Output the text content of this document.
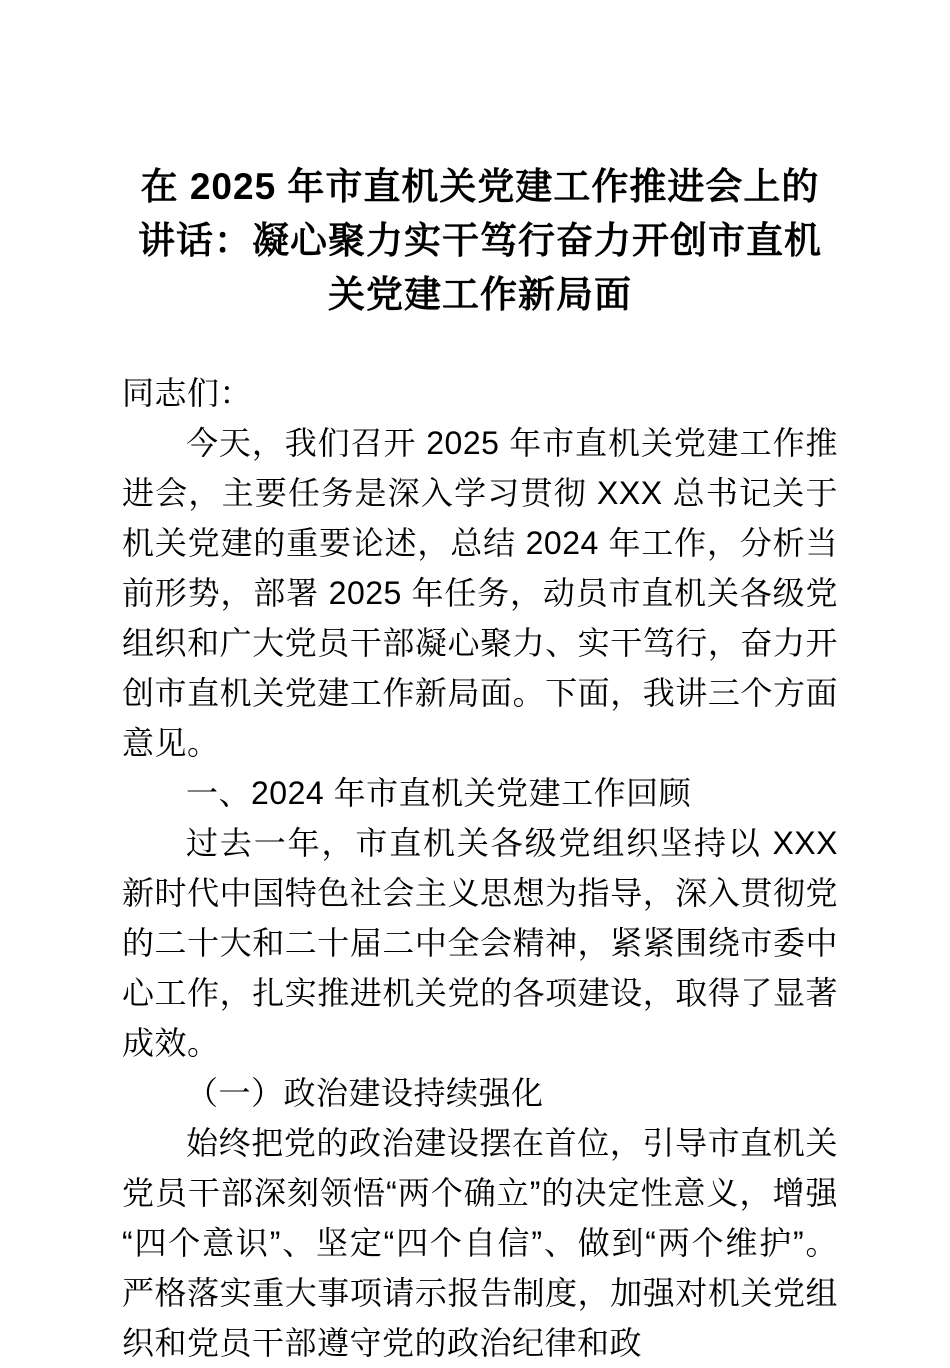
在 2025 年市直机关党建工作推进会上的讲话：凝心聚力实干笃行奋力开创市直机关党建工作新局面

同志们：

今天，我们召开 2025 年市直机关党建工作推进会，主要任务是深入学习贯彻 XXX 总书记关于机关党建的重要论述，总结 2024 年工作，分析当前形势，部署 2025 年任务，动员市直机关各级党组织和广大党员干部凝心聚力、实干笃行，奋力开创市直机关党建工作新局面。下面，我讲三个方面意见。

一、2024 年市直机关党建工作回顾

过去一年，市直机关各级党组织坚持以 XXX 新时代中国特色社会主义思想为指导，深入贯彻党的二十大和二十届二中全会精神，紧紧围绕市委中心工作，扎实推进机关党的各项建设，取得了显著成效。

（一）政治建设持续强化

始终把党的政治建设摆在首位，引导市直机关党员干部深刻领悟“两个确立”的决定性意义，增强“四个意识”、坚定“四个自信”、做到“两个维护”。严格落实重大事项请示报告制度，加强对机关党组织和党员干部遵守党的政治纪律和政
